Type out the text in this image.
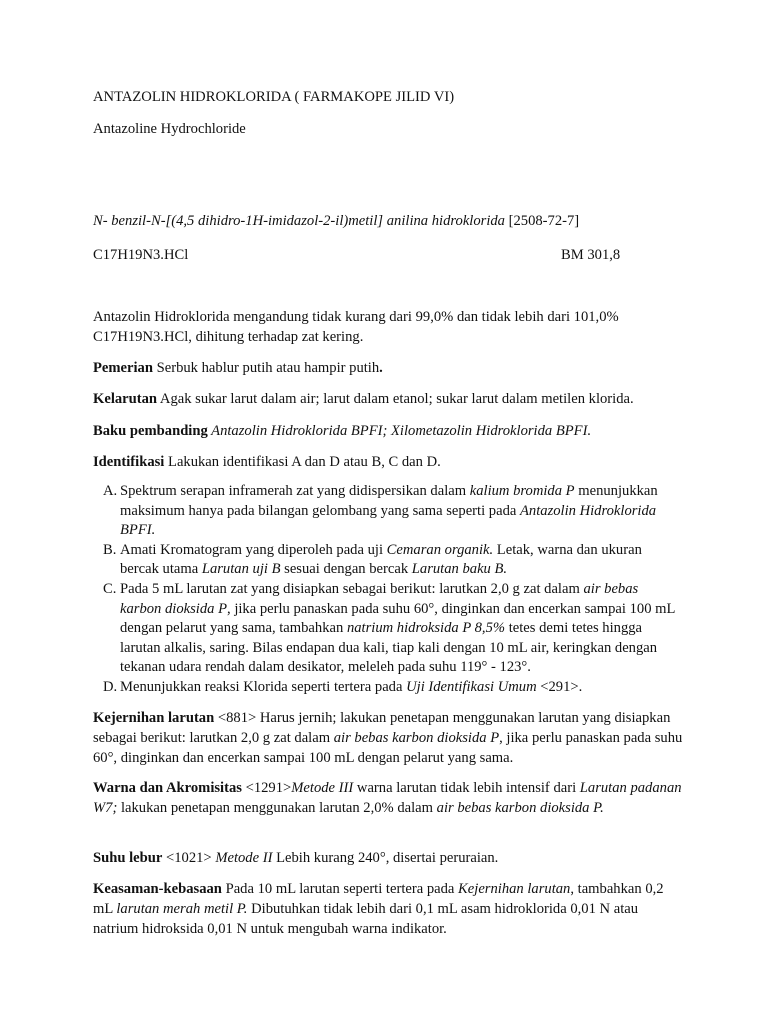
ANTAZOLIN HIDROKLORIDA ( FARMAKOPE JILID VI)
Antazoline Hydrochloride
N- benzil-N-[(4,5 dihidro-1H-imidazol-2-il)metil] anilina hidroklorida [2508-72-7]
C17H19N3.HCl	BM 301,8
Antazolin Hidroklorida mengandung tidak kurang dari 99,0% dan tidak lebih dari 101,0%
C17H19N3.HCl, dihitung terhadap zat kering.
Pemerian Serbuk hablur putih atau hampir putih.
Kelarutan Agak sukar larut dalam air; larut dalam etanol; sukar larut dalam metilen klorida.
Baku pembanding Antazolin Hidroklorida BPFI; Xilometazolin Hidroklorida BPFI.
Identifikasi Lakukan identifikasi A dan D atau B, C dan D.
A. Spektrum serapan inframerah zat yang didispersikan dalam kalium bromida P menunjukkan maksimum hanya pada bilangan gelombang yang sama seperti pada Antazolin Hidroklorida BPFI.
B. Amati Kromatogram yang diperoleh pada uji Cemaran organik. Letak, warna dan ukuran bercak utama Larutan uji B sesuai dengan bercak Larutan baku B.
C. Pada 5 mL larutan zat yang disiapkan sebagai berikut: larutkan 2,0 g zat dalam air bebas karbon dioksida P, jika perlu panaskan pada suhu 60°, dinginkan dan encerkan sampai 100 mL dengan pelarut yang sama, tambahkan natrium hidroksida P 8,5% tetes demi tetes hingga larutan alkalis, saring. Bilas endapan dua kali, tiap kali dengan 10 mL air, keringkan dengan tekanan udara rendah dalam desikator, meleleh pada suhu 119° - 123°.
D. Menunjukkan reaksi Klorida seperti tertera pada Uji Identifikasi Umum <291>.
Kejernihan larutan <881> Harus jernih; lakukan penetapan menggunakan larutan yang disiapkan sebagai berikut: larutkan 2,0 g zat dalam air bebas karbon dioksida P, jika perlu panaskan pada suhu 60°, dinginkan dan encerkan sampai 100 mL dengan pelarut yang sama.
Warna dan Akromisitas <1291>Metode III warna larutan tidak lebih intensif dari Larutan padanan W7; lakukan penetapan menggunakan larutan 2,0% dalam air bebas karbon dioksida P.
Suhu lebur <1021> Metode II Lebih kurang 240°, disertai peruraian.
Keasaman-kebasaan Pada 10 mL larutan seperti tertera pada Kejernihan larutan, tambahkan 0,2 mL larutan merah metil P. Dibutuhkan tidak lebih dari 0,1 mL asam hidroklorida 0,01 N atau natrium hidroksida 0,01 N untuk mengubah warna indikator.
